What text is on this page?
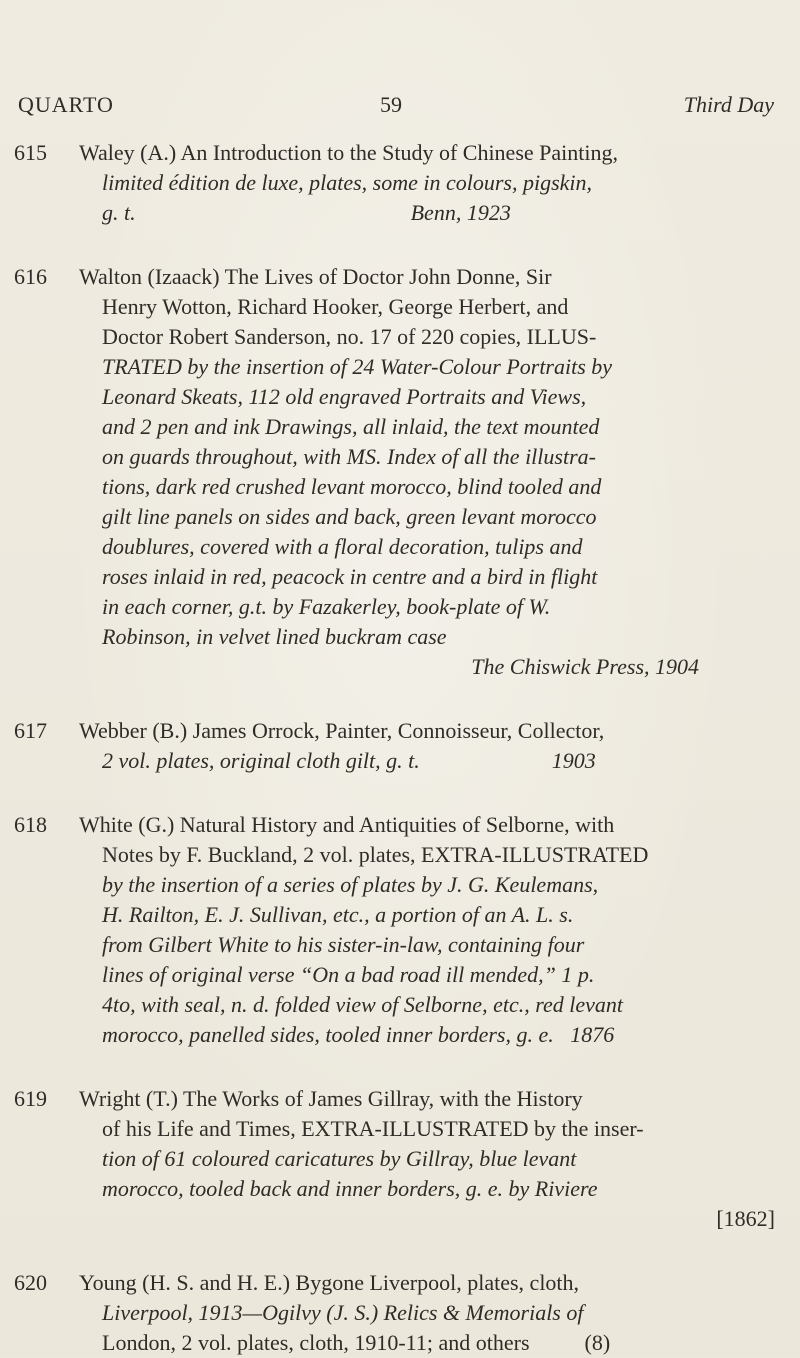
QUARTO	59	Third Day
615	Waley (A.) An Introduction to the Study of Chinese Painting,
limited édition de luxe, plates, some in colours, pigskin,
g. t.                                                  Benn, 1923
616	Walton (Izaack) The Lives of Doctor John Donne, Sir
Henry Wotton, Richard Hooker, George Herbert, and
Doctor Robert Sanderson, no. 17 of 220 copies, ILLUS-
TRATED by the insertion of 24 Water-Colour Portraits by
Leonard Skeats, 112 old engraved Portraits and Views,
and 2 pen and ink Drawings, all inlaid, the text mounted
on guards throughout, with MS. Index of all the illustra-
tions, dark red crushed levant morocco, blind tooled and
gilt line panels on sides and back, green levant morocco
doublures, covered with a floral decoration, tulips and
roses inlaid in red, peacock in centre and a bird in flight
in each corner, g.t. by Fazakerley, book-plate of W.
Robinson, in velvet lined buckram case
The Chiswick Press, 1904
617	Webber (B.) James Orrock, Painter, Connoisseur, Collector,
2 vol. plates, original cloth gilt, g. t.                        1903
618	White (G.) Natural History and Antiquities of Selborne, with
Notes by F. Buckland, 2 vol. plates, EXTRA-ILLUSTRATED
by the insertion of a series of plates by J. G. Keulemans,
H. Railton, E. J. Sullivan, etc., a portion of an A. L. s.
from Gilbert White to his sister-in-law, containing four
lines of original verse “On a bad road ill mended,” 1 p.
4to, with seal, n. d. folded view of Selborne, etc., red levant
morocco, panelled sides, tooled inner borders, g. e.   1876
619	Wright (T.) The Works of James Gillray, with the History
of his Life and Times, EXTRA-ILLUSTRATED by the inser-
tion of 61 coloured caricatures by Gillray, blue levant
morocco, tooled back and inner borders, g. e. by Riviere
[1862]
620	Young (H. S. and H. E.) Bygone Liverpool, plates, cloth,
Liverpool, 1913—Ogilvy (J. S.) Relics & Memorials of
London, 2 vol. plates, cloth, 1910-11; and others          (8)
